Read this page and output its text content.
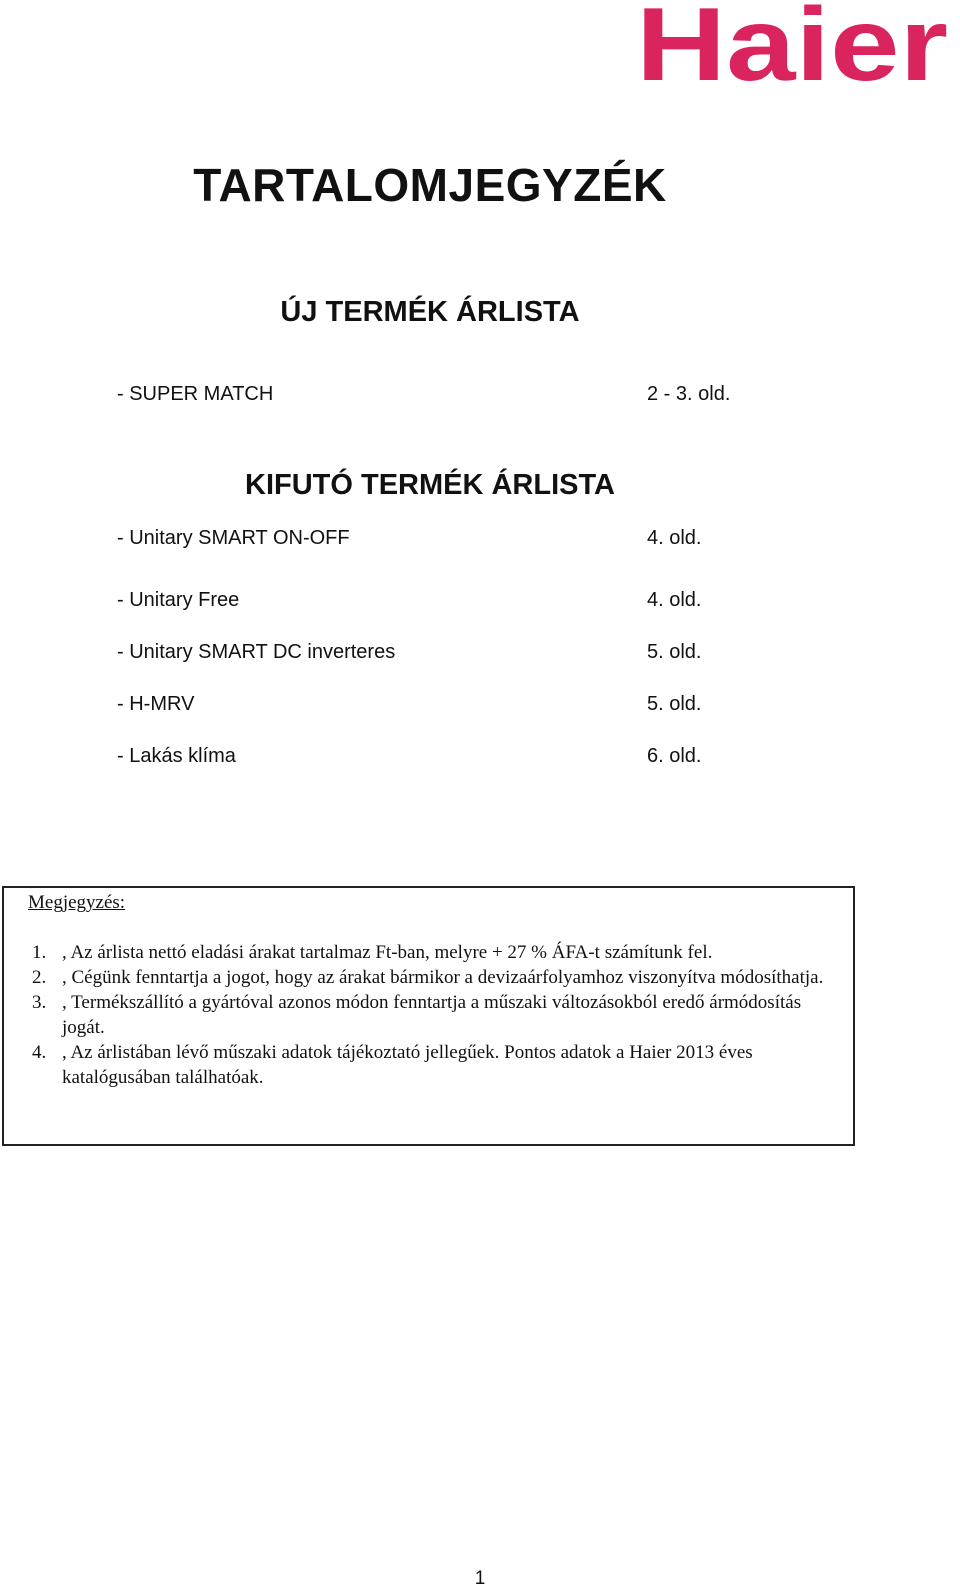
Haier
TARTALOMJEGYZÉK
ÚJ TERMÉK ÁRLISTA
- SUPER MATCH	2 - 3. old.
KIFUTÓ TERMÉK ÁRLISTA
- Unitary SMART ON-OFF	4. old.
- Unitary Free	4. old.
- Unitary SMART DC inverteres	5. old.
- H-MRV	5. old.
- Lakás klíma	6. old.

Megjegyzés:

1. , Az árlista nettó eladási árakat tartalmaz Ft-ban, melyre + 27 % ÁFA-t számítunk fel.
2. , Cégünk fenntartja a jogot, hogy az árakat bármikor a devizaárfolyamhoz viszonyítva módosíthatja.
3. , Termékszállító a gyártóval azonos módon fenntartja a műszaki változásokból eredő ármódosítás jogát.
4. , Az árlistában lévő műszaki adatok tájékoztató jellegűek. Pontos adatok a Haier 2013 éves katalógusában találhatóak.
1
